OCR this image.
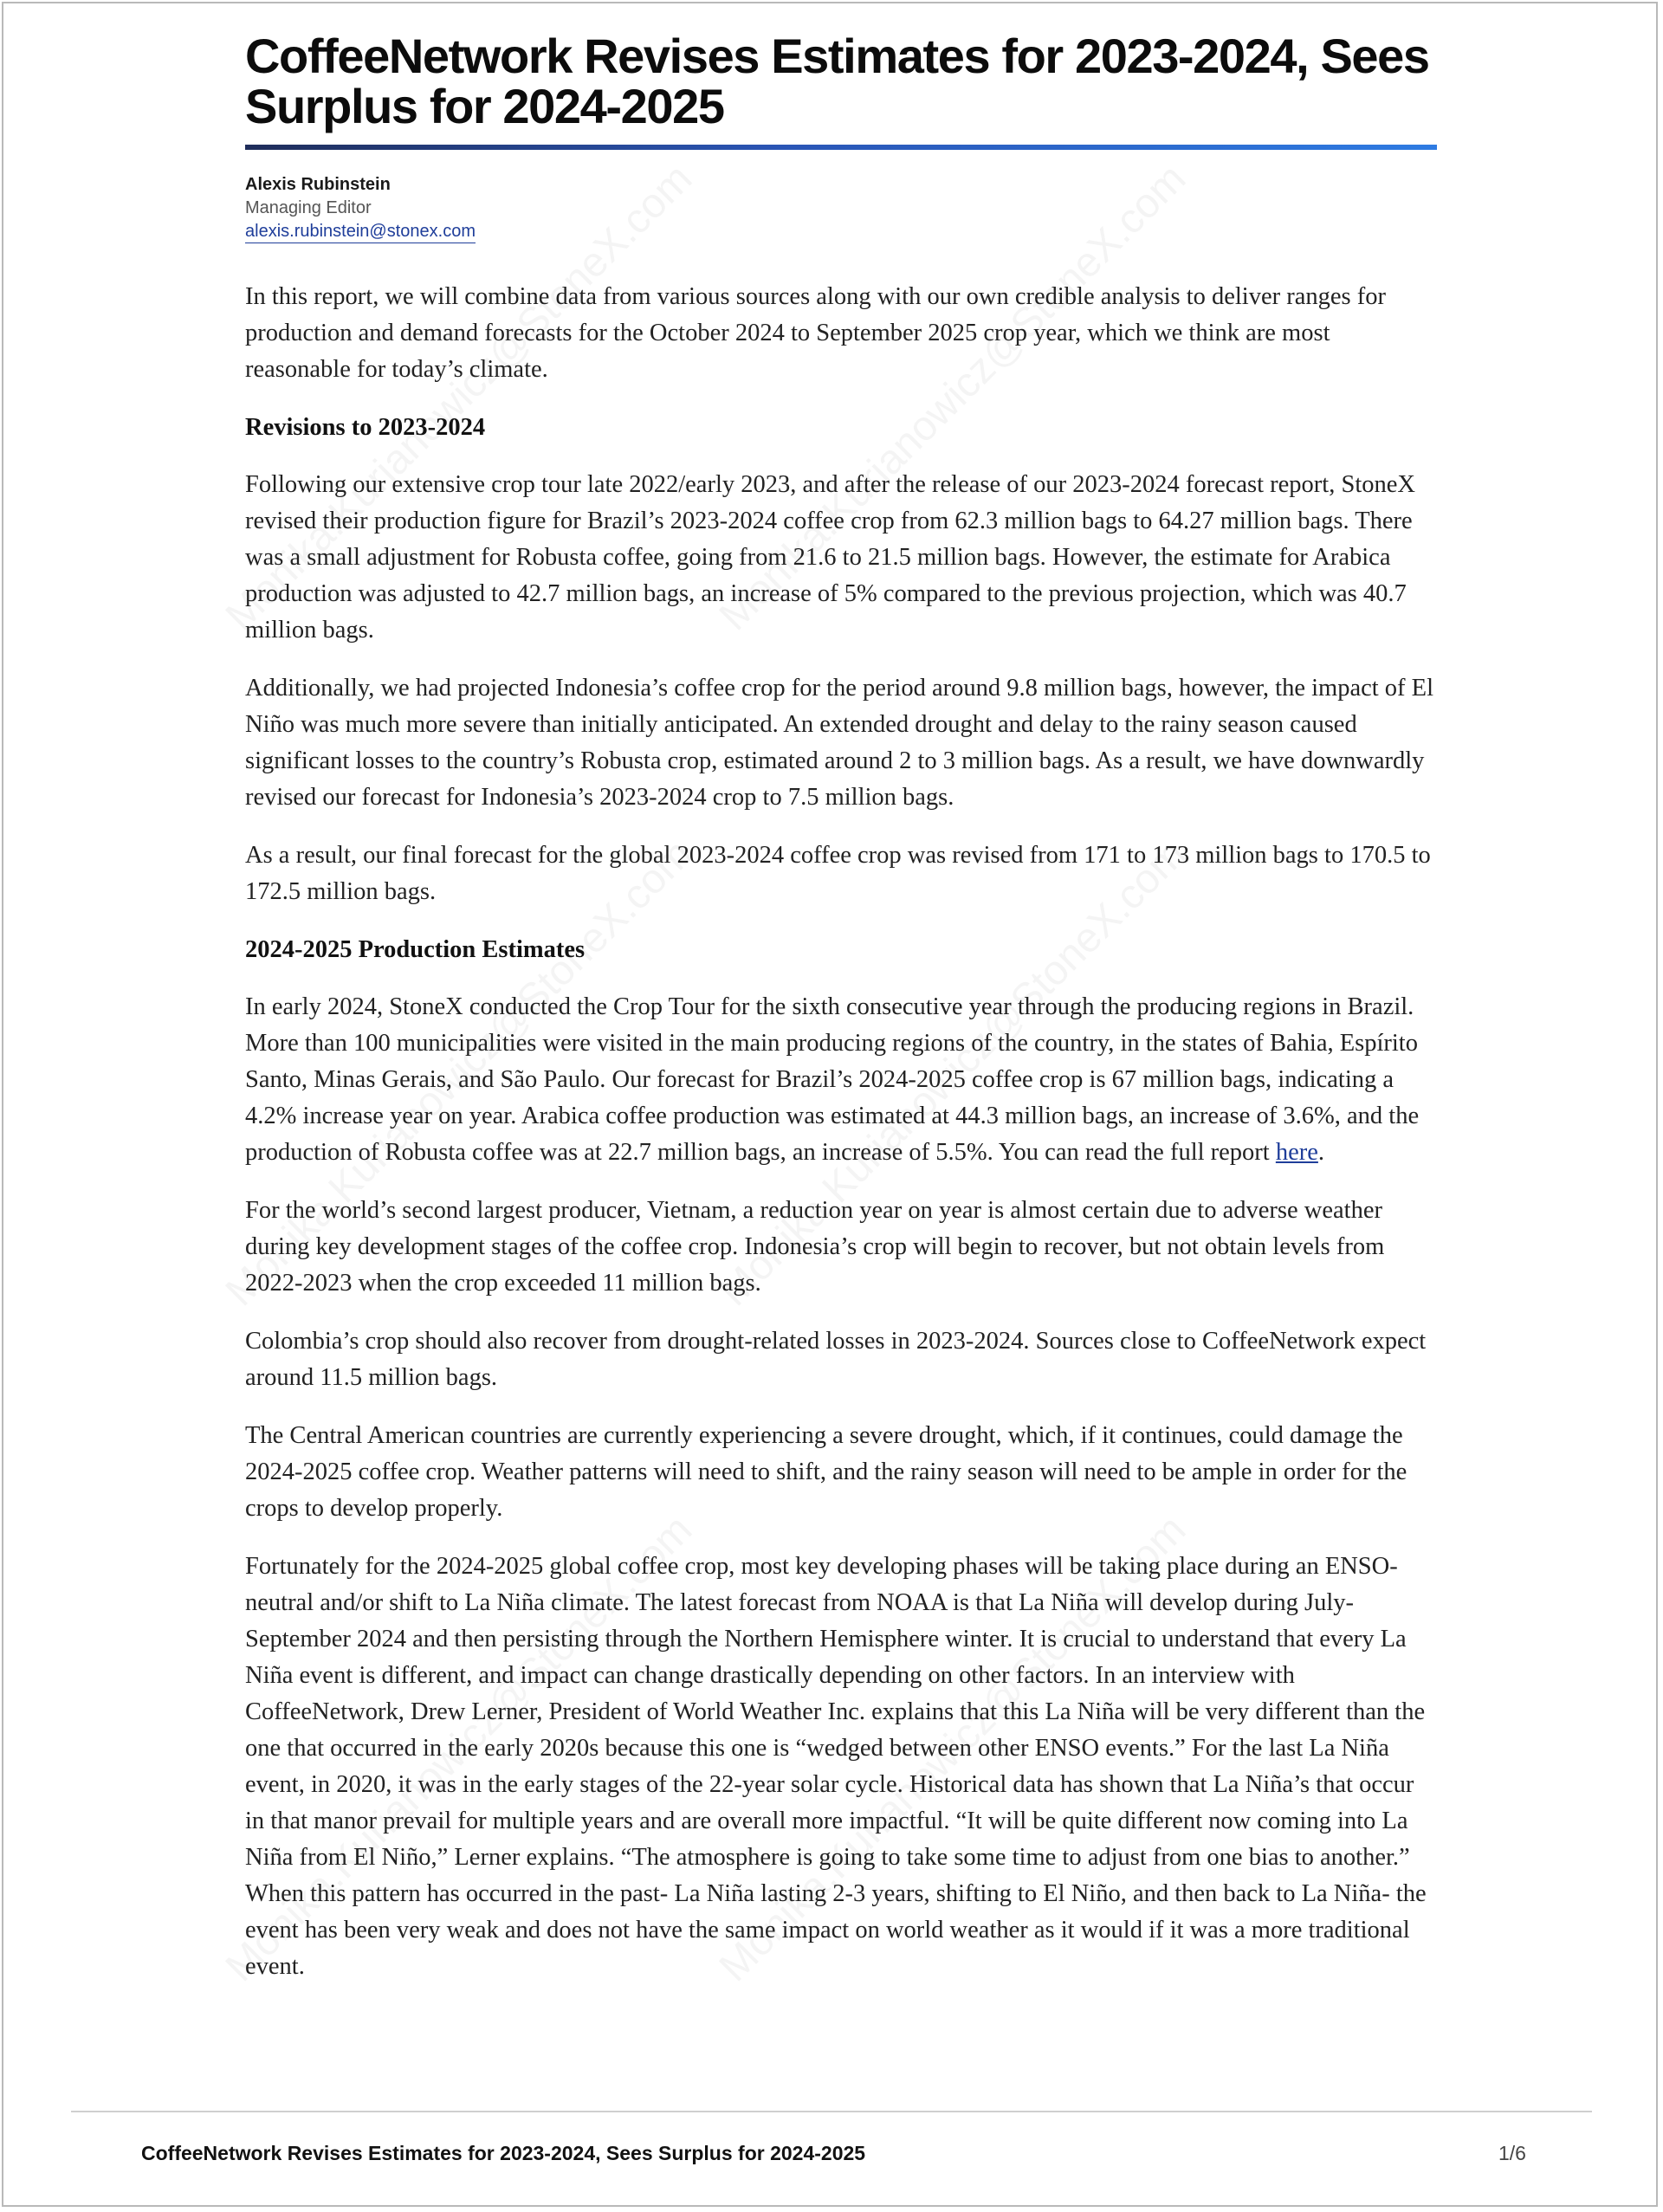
CoffeeNetwork Revises Estimates for 2023-2024, Sees Surplus for 2024-2025
Alexis Rubinstein
Managing Editor
alexis.rubinstein@stonex.com

In this report, we will combine data from various sources along with our own credible analysis to deliver ranges for production and demand forecasts for the October 2024 to September 2025 crop year, which we think are most reasonable for today’s climate.

Revisions to 2023-2024

Following our extensive crop tour late 2022/early 2023, and after the release of our 2023-2024 forecast report, StoneX revised their production figure for Brazil’s 2023-2024 coffee crop from 62.3 million bags to 64.27 million bags. There was a small adjustment for Robusta coffee, going from 21.6 to 21.5 million bags. However, the estimate for Arabica production was adjusted to 42.7 million bags, an increase of 5% compared to the previous projection, which was 40.7 million bags.

Additionally, we had projected Indonesia’s coffee crop for the period around 9.8 million bags, however, the impact of El Niño was much more severe than initially anticipated. An extended drought and delay to the rainy season caused significant losses to the country’s Robusta crop, estimated around 2 to 3 million bags. As a result, we have downwardly revised our forecast for Indonesia’s 2023-2024 crop to 7.5 million bags.

As a result, our final forecast for the global 2023-2024 coffee crop was revised from 171 to 173 million bags to 170.5 to 172.5 million bags.

2024-2025 Production Estimates

In early 2024, StoneX conducted the Crop Tour for the sixth consecutive year through the producing regions in Brazil. More than 100 municipalities were visited in the main producing regions of the country, in the states of Bahia, Espírito Santo, Minas Gerais, and São Paulo. Our forecast for Brazil’s 2024-2025 coffee crop is 67 million bags, indicating a 4.2% increase year on year. Arabica coffee production was estimated at 44.3 million bags, an increase of 3.6%, and the production of Robusta coffee was at 22.7 million bags, an increase of 5.5%. You can read the full report here.

For the world’s second largest producer, Vietnam, a reduction year on year is almost certain due to adverse weather during key development stages of the coffee crop. Indonesia’s crop will begin to recover, but not obtain levels from 2022-2023 when the crop exceeded 11 million bags.

Colombia’s crop should also recover from drought-related losses in 2023-2024. Sources close to CoffeeNetwork expect around 11.5 million bags.

The Central American countries are currently experiencing a severe drought, which, if it continues, could damage the 2024-2025 coffee crop. Weather patterns will need to shift, and the rainy season will need to be ample in order for the crops to develop properly.

Fortunately for the 2024-2025 global coffee crop, most key developing phases will be taking place during an ENSO-neutral and/or shift to La Niña climate. The latest forecast from NOAA is that La Niña will develop during July-September 2024 and then persisting through the Northern Hemisphere winter. It is crucial to understand that every La Niña event is different, and impact can change drastically depending on other factors. In an interview with CoffeeNetwork, Drew Lerner, President of World Weather Inc. explains that this La Niña will be very different than the one that occurred in the early 2020s because this one is “wedged between other ENSO events.” For the last La Niña event, in 2020, it was in the early stages of the 22-year solar cycle. Historical data has shown that La Niña’s that occur in that manor prevail for multiple years and are overall more impactful. “It will be quite different now coming into La Niña from El Niño,” Lerner explains. “The atmosphere is going to take some time to adjust from one bias to another.” When this pattern has occurred in the past- La Niña lasting 2-3 years, shifting to El Niño, and then back to La Niña- the event has been very weak and does not have the same impact on world weather as it would if it was a more traditional event.

CoffeeNetwork Revises Estimates for 2023-2024, Sees Surplus for 2024-2025	1/6
